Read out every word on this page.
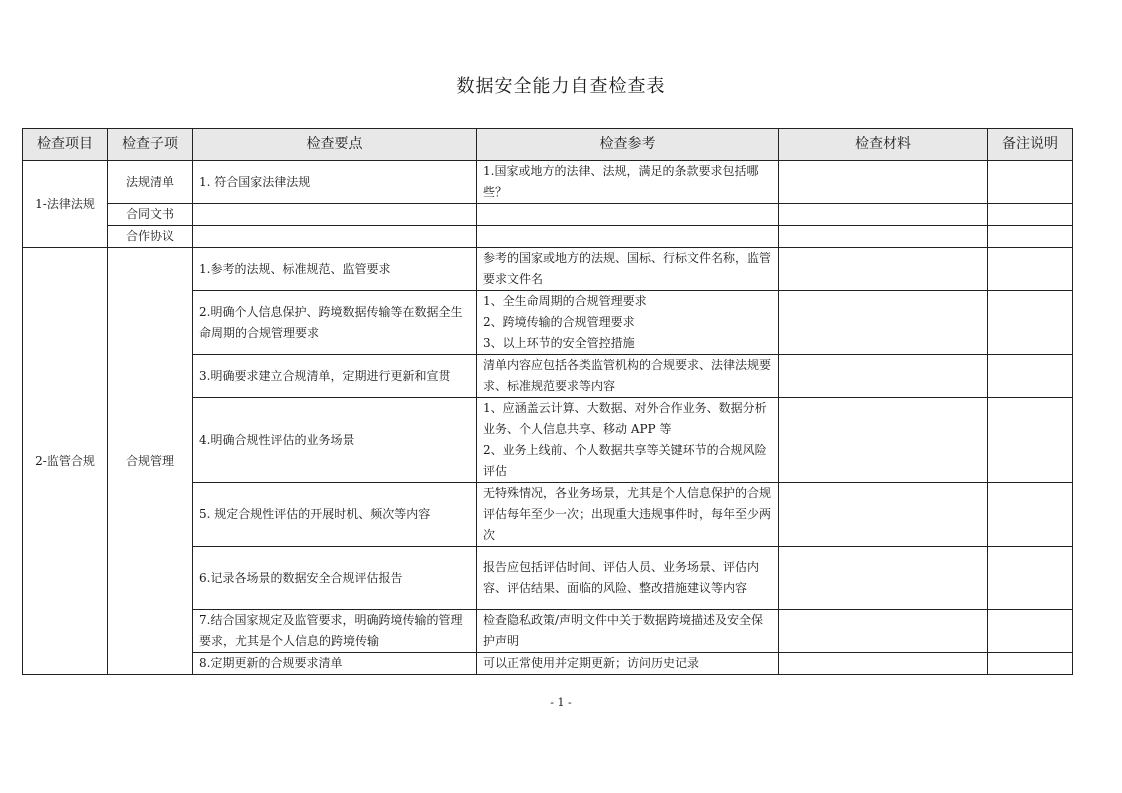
数据安全能力自查检查表
检查项目	检查子项	检查要点	检查参考	检查材料	备注说明
1-法律法规	法规清单	1. 符合国家法律法规	1.国家或地方的法律、法规，满足的条款要求包括哪些？		

	合同文书				
	合作协议				
2-监管合规	合规管理	1.参考的法规、标准规范、监管要求	参考的国家或地方的法规、国标、行标文件名称，监管要求文件名		

		2.明确个人信息保护、跨境数据传输等在数据全生命周期的合规管理要求	1、全生命周期的合规管理要求
2、跨境传输的合规管理要求
3、以上环节的安全管控措施		

		3.明确要求建立合规清单，定期进行更新和宣贯	清单内容应包括各类监管机构的合规要求、法律法规要求、标准规范要求等内容		

		4.明确合规性评估的业务场景	1、应涵盖云计算、大数据、对外合作业务、数据分析业务、个人信息共享、移动 APP 等
2、业务上线前、个人数据共享等关键环节的合规风险评估		

		5. 规定合规性评估的开展时机、频次等内容	无特殊情况，各业务场景，尤其是个人信息保护的合规评估每年至少一次；出现重大违规事件时，每年至少两次		

		6.记录各场景的数据安全合规评估报告	报告应包括评估时间、评估人员、业务场景、评估内容、评估结果、面临的风险、整改措施建议等内容		

		7.结合国家规定及监管要求，明确跨境传输的管理要求，尤其是个人信息的跨境传输	检查隐私政策/声明文件中关于数据跨境描述及安全保护声明		

		8.定期更新的合规要求清单	可以正常使用并定期更新；访问历史记录		

- 1 -
